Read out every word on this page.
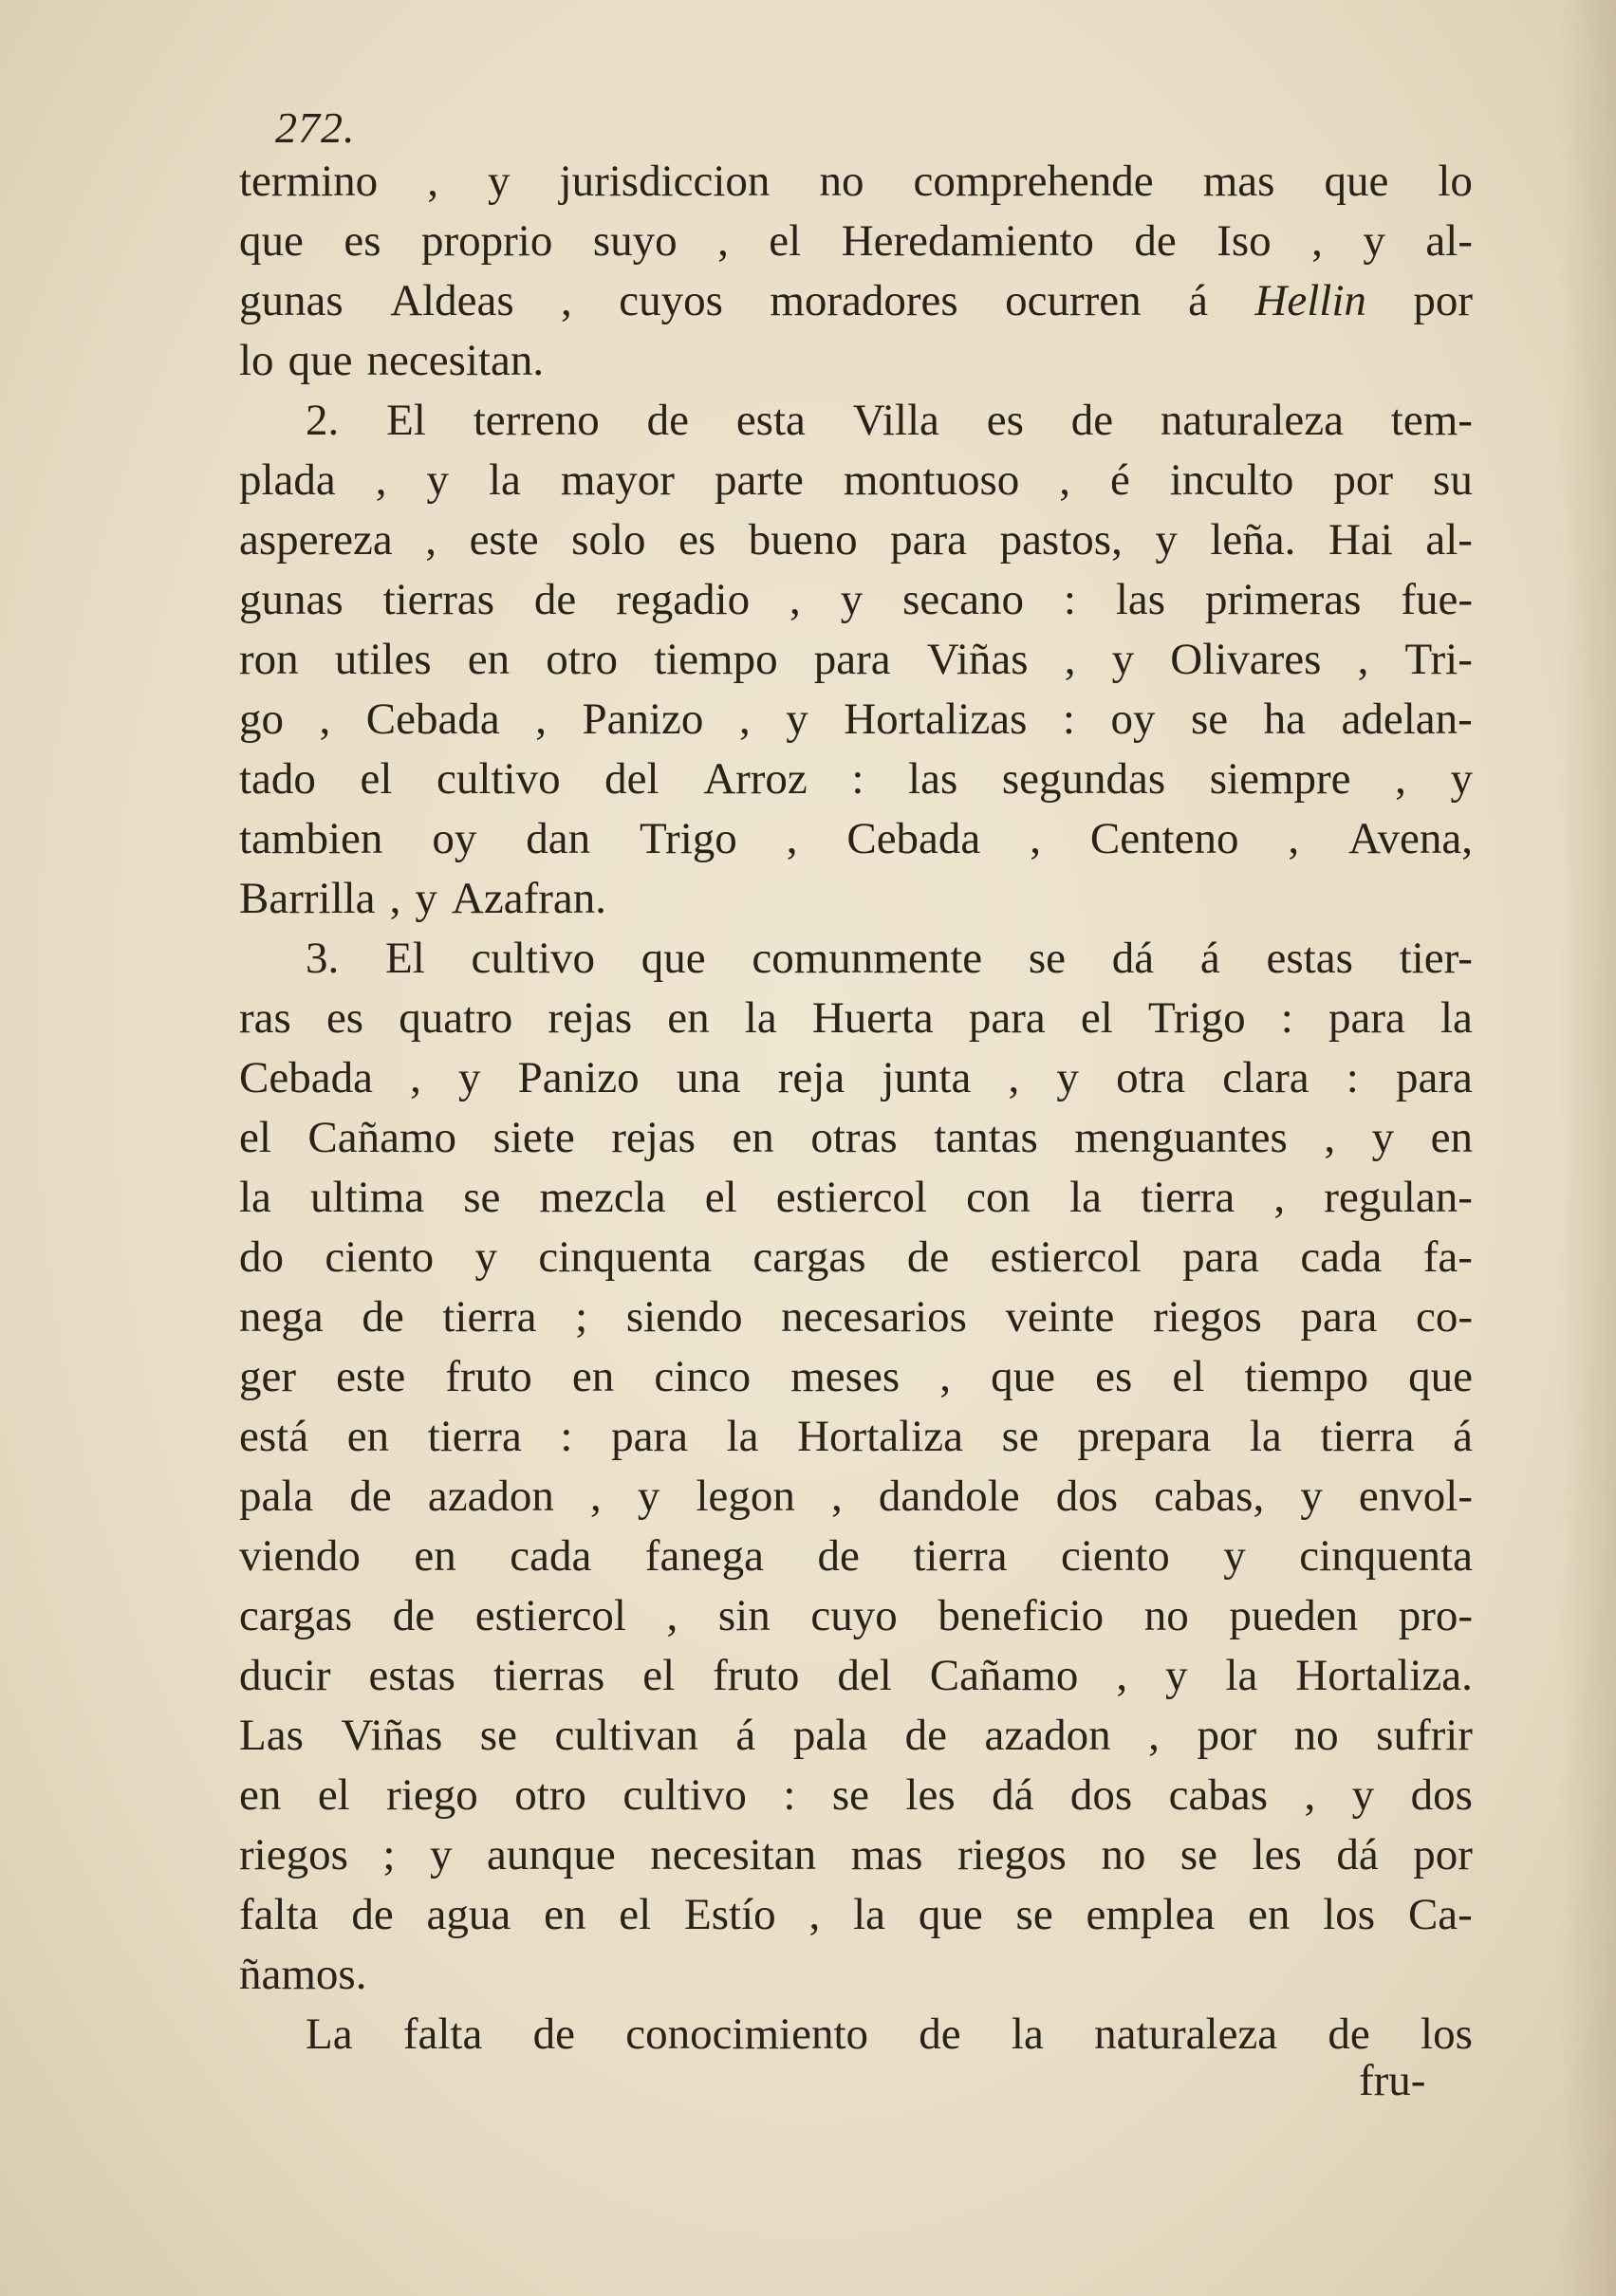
272.
termino , y jurisdiccion no comprehende mas que lo
que es proprio suyo , el Heredamiento de Iso , y al-
gunas Aldeas , cuyos moradores ocurren á Hellin por
lo que necesitan.
2. El terreno de esta Villa es de naturaleza tem-
plada , y la mayor parte montuoso , é inculto por su
aspereza , este solo es bueno para pastos, y leña. Hai al-
gunas tierras de regadio , y secano : las primeras fue-
ron utiles en otro tiempo para Viñas , y Olivares , Tri-
go , Cebada , Panizo , y Hortalizas : oy se ha adelan-
tado el cultivo del Arroz : las segundas siempre , y
tambien oy dan Trigo , Cebada , Centeno , Avena,
Barrilla , y Azafran.
3. El cultivo que comunmente se dá á estas tier-
ras es quatro rejas en la Huerta para el Trigo : para la
Cebada , y Panizo una reja junta , y otra clara : para
el Cañamo siete rejas en otras tantas menguantes , y en
la ultima se mezcla el estiercol con la tierra , regulan-
do ciento y cinquenta cargas de estiercol para cada fa-
nega de tierra ; siendo necesarios veinte riegos para co-
ger este fruto en cinco meses , que es el tiempo que
está en tierra : para la Hortaliza se prepara la tierra á
pala de azadon , y legon , dandole dos cabas, y envol-
viendo en cada fanega de tierra ciento y cinquenta
cargas de estiercol , sin cuyo beneficio no pueden pro-
ducir estas tierras el fruto del Cañamo , y la Hortaliza.
Las Viñas se cultivan á pala de azadon , por no sufrir
en el riego otro cultivo : se les dá dos cabas , y dos
riegos ; y aunque necesitan mas riegos no se les dá por
falta de agua en el Estío , la que se emplea en los Ca-
ñamos.
La falta de conocimiento de la naturaleza de los
fru-
